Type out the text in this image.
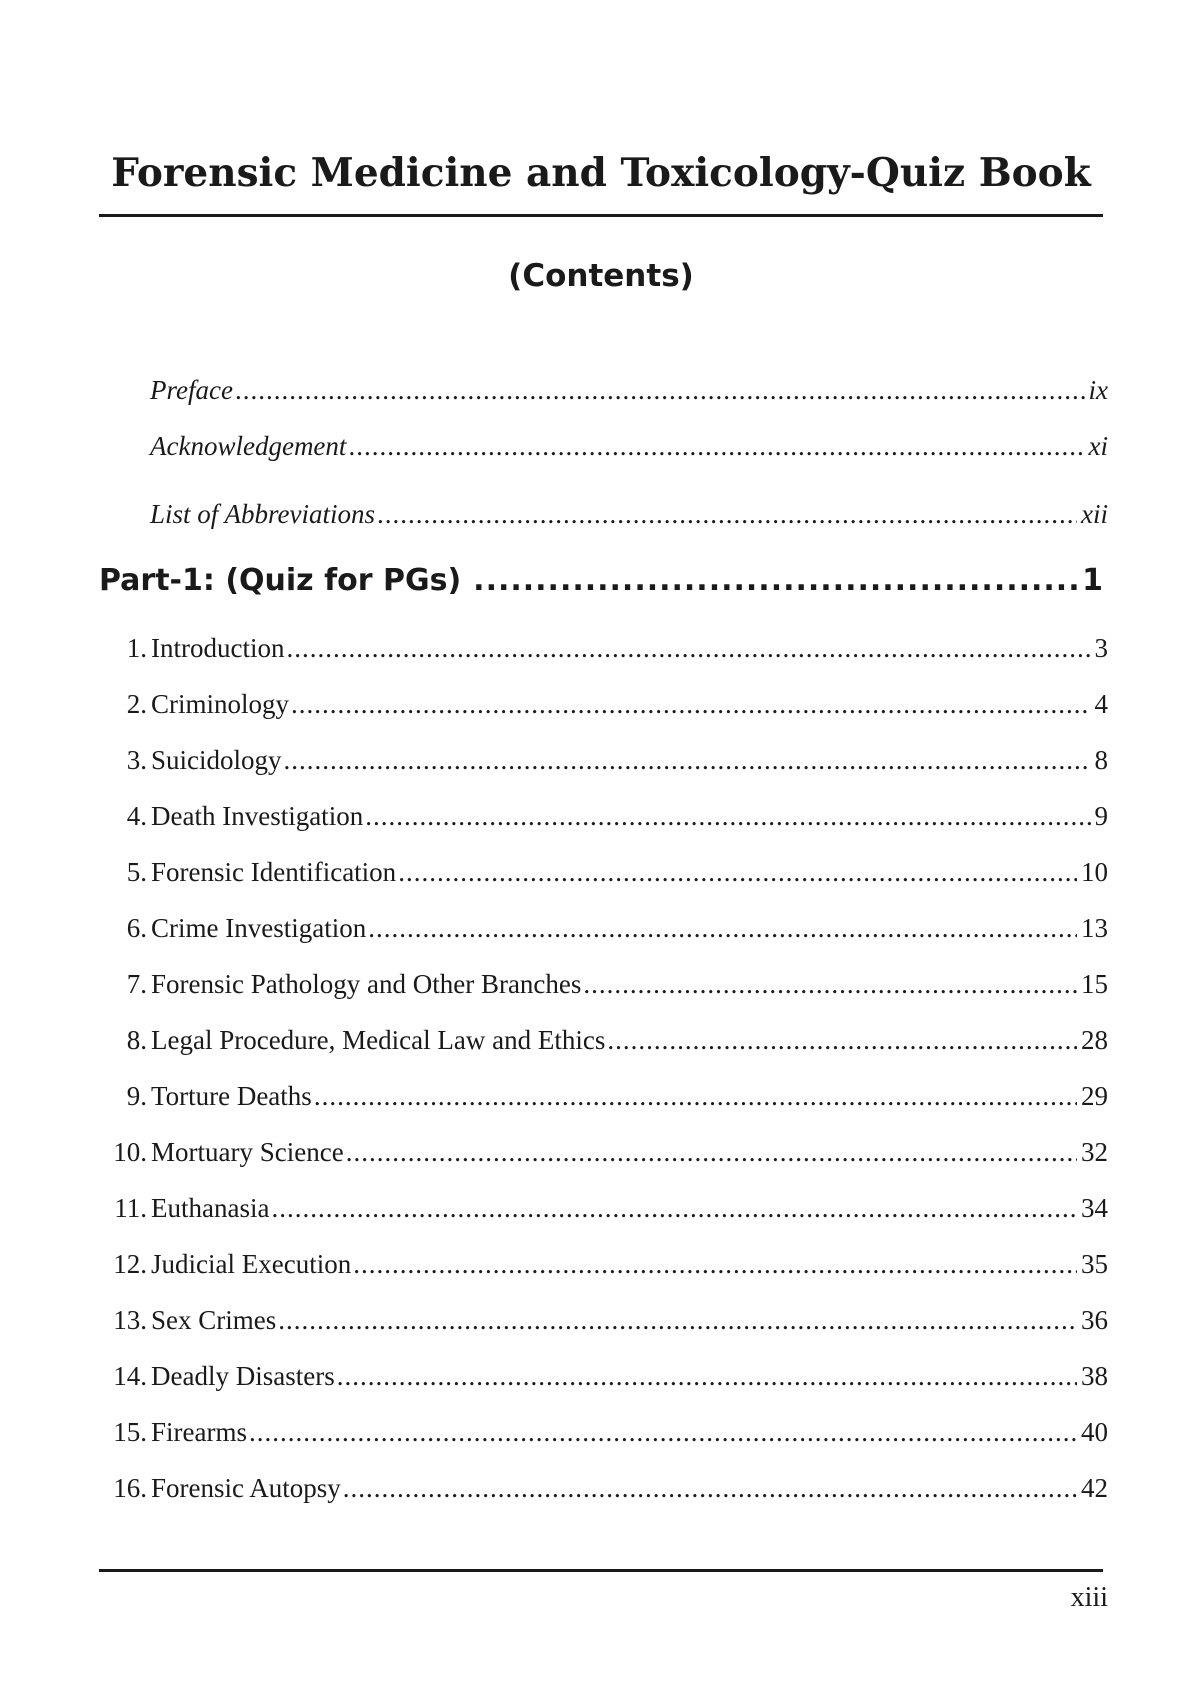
Forensic Medicine and Toxicology-Quiz Book
(Contents)
Preface .....	ix
Acknowledgement .....	xi
List of Abbreviations .....	xii
Part-1: (Quiz for PGs) .....	1
1. Introduction .....	3
2. Criminology .....	4
3. Suicidology .....	8
4. Death Investigation .....	9
5. Forensic Identification .....	10
6. Crime Investigation .....	13
7. Forensic Pathology and Other Branches .....	15
8. Legal Procedure, Medical Law and Ethics .....	28
9. Torture Deaths .....	29
10. Mortuary Science .....	32
11. Euthanasia .....	34
12. Judicial Execution .....	35
13. Sex Crimes .....	36
14. Deadly Disasters .....	38
15. Firearms .....	40
16. Forensic Autopsy .....	42
xiii
